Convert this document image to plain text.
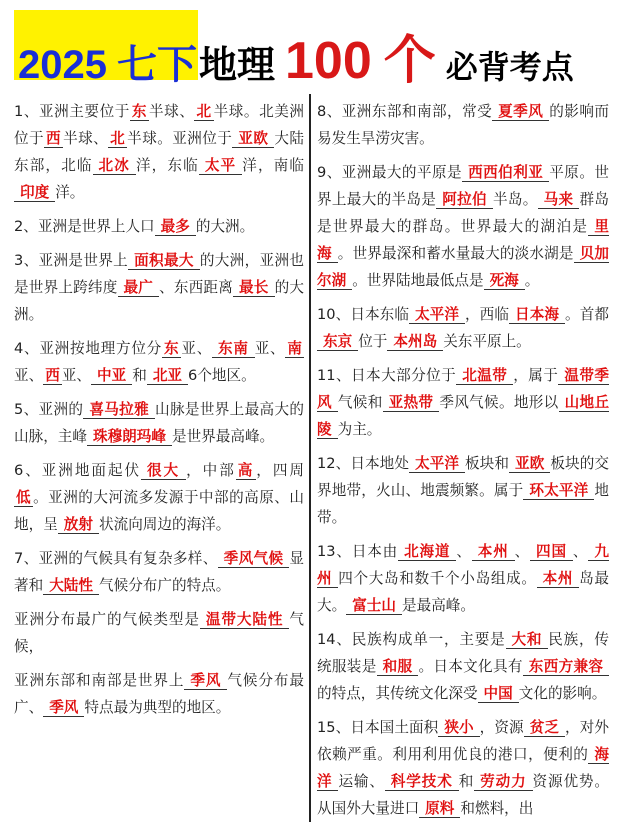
2025 七下 地理 100 个 必背考点

1、亚洲主要位于 东 半球、 北 半球。北美洲位于 西 半球、 北 半球。亚洲位于 亚欧 大陆东部，北临 北冰 洋，东临 太平 洋，南临印度 洋。

2、亚洲是世界上人口 最多 的大洲。

3、亚洲是世界上 面积最大 的大洲，亚洲也是世界上跨纬度 最广 、东西距离 最长 的大洲。

4、亚洲按地理方位分 东 亚、 东南 亚、 南亚、 西 亚、 中亚 和 北亚 6个地区。

5、亚洲的 喜马拉雅 山脉是世界上最高大的山脉，主峰 珠穆朗玛峰 是世界最高峰。

6、亚洲地面起伏 很大 ，中部 高 ，四周低 。亚洲的大河流多发源于中部的高原、山地，呈 放射 状流向周边的海洋。

7、亚洲的气候具有复杂多样、 季风气候 显著和 大陆性 气候分布广的特点。

亚洲分布最广的气候类型是 温带大陆性 气候，

亚洲东部和南部是世界上 季风 气候分布最广、 季风 特点最为典型的地区。

8、亚洲东部和南部，常受 夏季风 的影响而易发生旱涝灾害。

9、亚洲最大的平原是 西西伯利亚 平原。世界上最大的半岛是 阿拉伯 半岛。 马来 群岛是世界最大的群岛。世界最大的湖泊是 里海 。世界最深和蓄水量最大的淡水湖是 贝加尔湖 。世界陆地最低点是 死海 。

10、日本东临 太平洋 ，西临 日本海 。首都东京 位于 本州岛 关东平原上。

11、日本大部分位于 北温带 ，属于 温带季风 气候和 亚热带 季风气候。地形以 山地丘陵 为主。

12、日本地处 太平洋 板块和 亚欧 板块的交界地带，火山、地震频繁。属于 环太平洋 地带。

13、日本由 北海道 、 本州 、 四国 、 九州 四个大岛和数千个小岛组成。 本州 岛最大。 富士山 是最高峰。

14、民族构成单一，主要是 大和 民族，传统服装是 和服 。日本文化具有 东西方兼容的特点，其传统文化深受 中国 文化的影响。

15、日本国土面积 狭小 ，资源 贫乏 ，对外依赖严重。利用利用优良的港口，便利的 海洋 运输、 科学技术 和 劳动力 资源优势。从国外大量进口 原料 和燃料，出
